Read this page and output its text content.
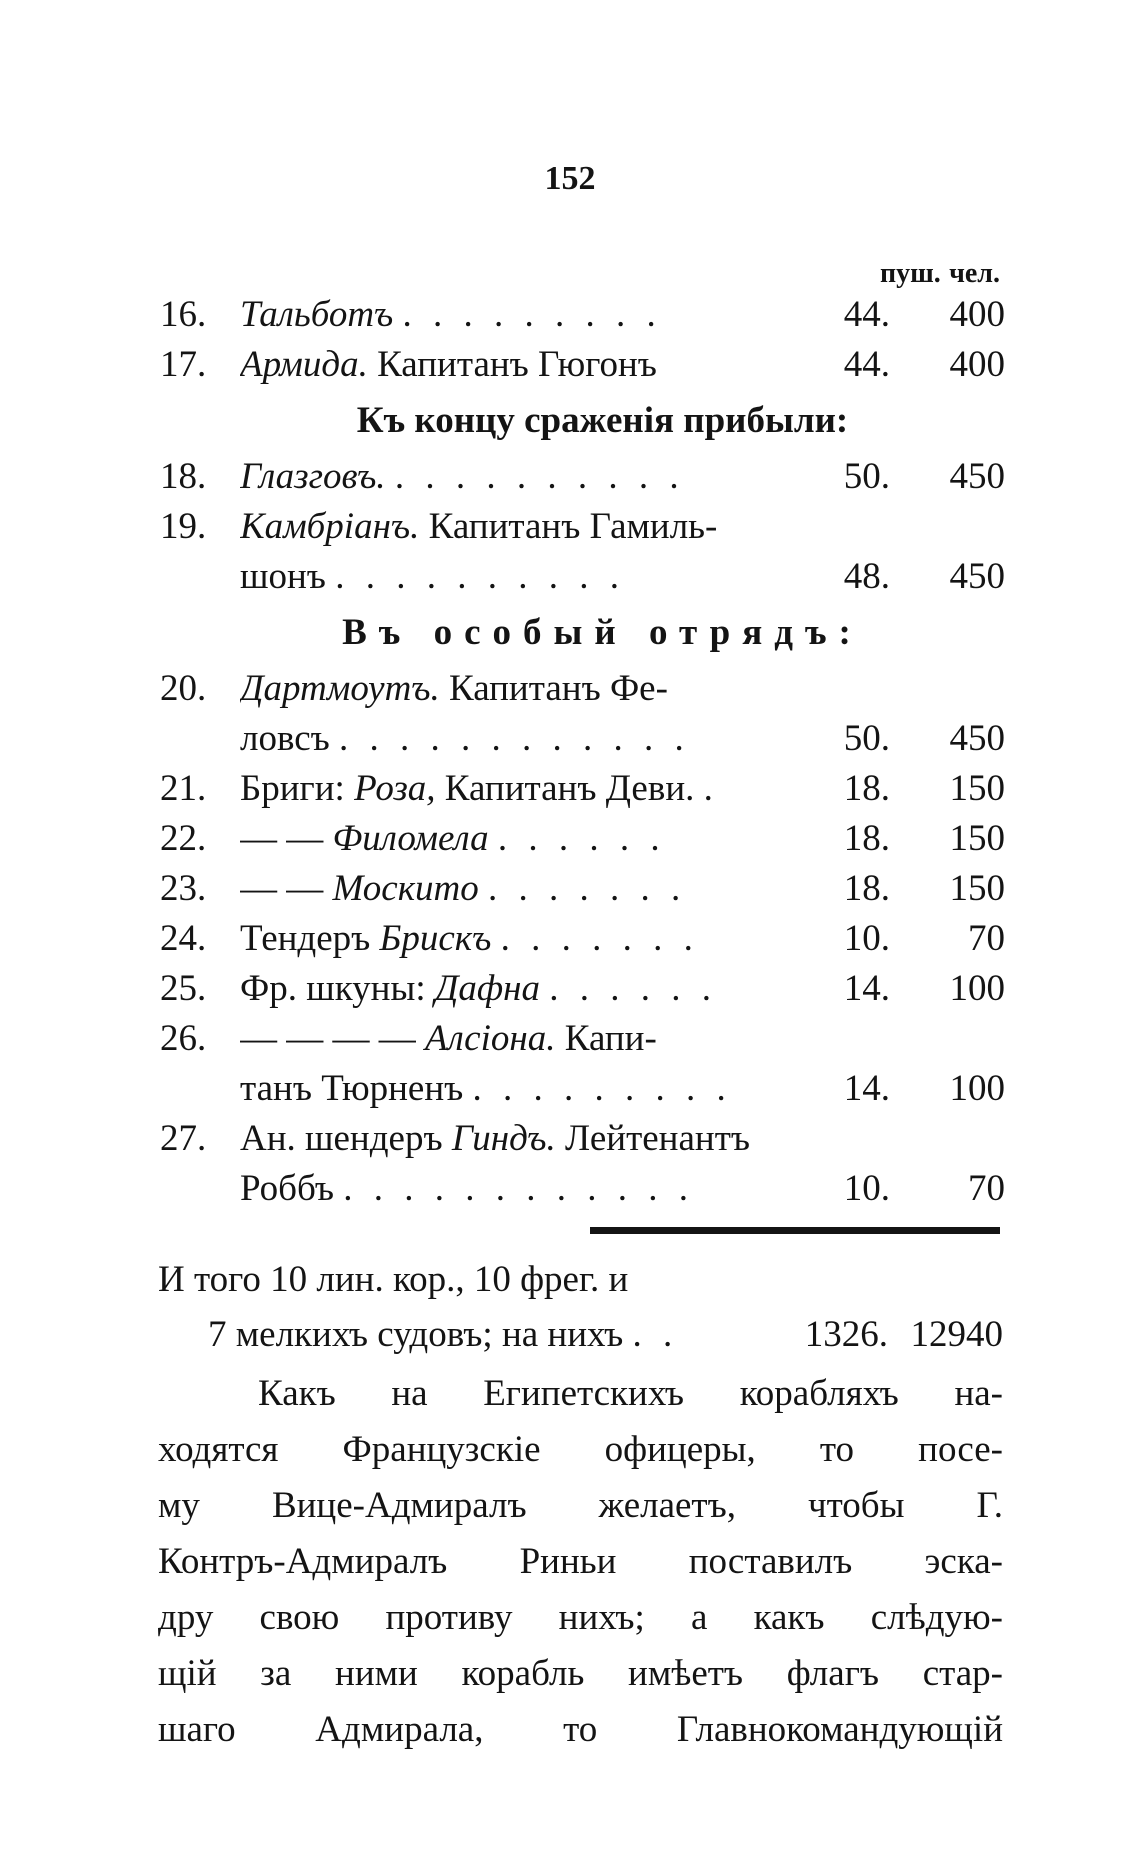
152
пуш. чел.
16. Тальботъ . . . . . . . . .	44.	400
17. Армида. Капитанъ Гюгонъ	44.	400
Къ концу сраженія прибыли:
18. Глазговъ. . . . . . . . . . .	50.	450
19. Камбріанъ. Капитанъ Гамиль-
шонъ . . . . . . . . . .	48.	450
Въ особый отрядъ:
20. Дартмоутъ. Капитанъ Фе-
ловсъ . . . . . . . . . . . .	50.	450
21. Бриги: Роза, Капитанъ Деви. .	18.	150
22. — — Филомела . . . . . .	18.	150
23. — — Москито . . . . . . .	18.	150
24. Тендеръ Брискъ . . . . . . .	10.	70
25. Фр. шкуны: Дафна . . . . . .	14.	100
26. — — — — Алсіона. Капи-
танъ Тюрненъ . . . . . . . . .	14.	100
27. Ан. шендеръ Гиндъ. Лейтенантъ
Роббъ . . . . . . . . . . . .	10.	70
И того 10 лин. кор., 10 фрег. и
7 мелкихъ судовъ; на нихъ . .	1326. 12940

Какъ на Египетскихъ корабляхъ на-
ходятся Французскіе офицеры, то посе-
му Вице-Адмиралъ желаетъ, чтобы Г.
Контръ-Адмиралъ Риньи поставилъ эска-
дру свою противу нихъ; а какъ слѣдую-
щій за ними корабль имѣетъ флагъ стар-
шаго Адмирала, то Главнокомандующій
